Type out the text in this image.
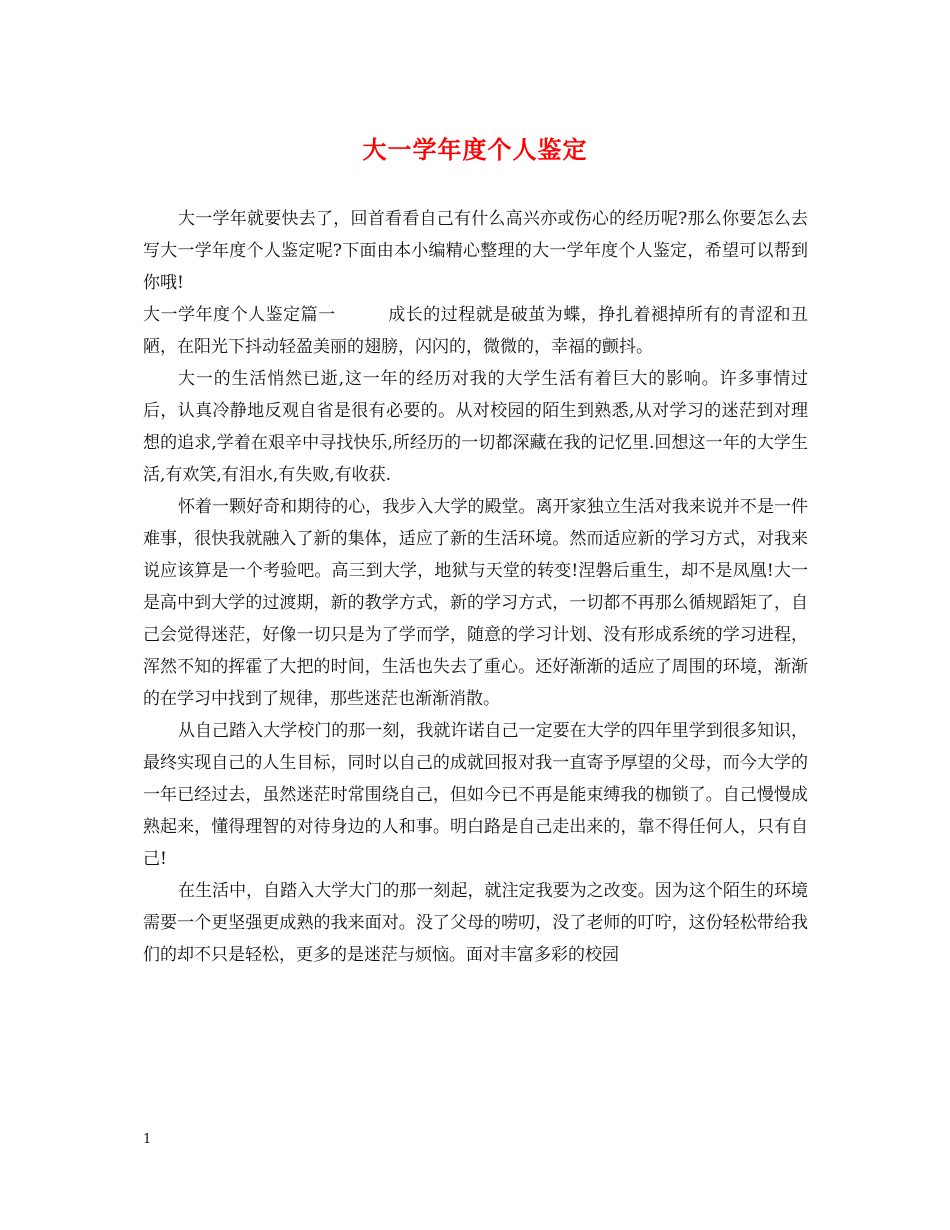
大一学年度个人鉴定

大一学年就要快去了，回首看看自己有什么高兴亦或伤心的经历呢?那么你要怎么去写大一学年度个人鉴定呢?下面由本小编精心整理的大一学年度个人鉴定，希望可以帮到你哦!

大一学年度个人鉴定篇一　　　成长的过程就是破茧为蝶，挣扎着褪掉所有的青涩和丑陋，在阳光下抖动轻盈美丽的翅膀，闪闪的，微微的，幸福的颤抖。

大一的生活悄然已逝,这一年的经历对我的大学生活有着巨大的影响。许多事情过后，认真冷静地反观自省是很有必要的。从对校园的陌生到熟悉,从对学习的迷茫到对理想的追求,学着在艰辛中寻找快乐,所经历的一切都深藏在我的记忆里.回想这一年的大学生活,有欢笑,有泪水,有失败,有收获.

怀着一颗好奇和期待的心，我步入大学的殿堂。离开家独立生活对我来说并不是一件难事，很快我就融入了新的集体，适应了新的生活环境。然而适应新的学习方式，对我来说应该算是一个考验吧。高三到大学，地狱与天堂的转变!涅磐后重生，却不是凤凰!大一是高中到大学的过渡期，新的教学方式，新的学习方式，一切都不再那么循规蹈矩了，自己会觉得迷茫，好像一切只是为了学而学，随意的学习计划、没有形成系统的学习进程，浑然不知的挥霍了大把的时间，生活也失去了重心。还好渐渐的适应了周围的环境，渐渐的在学习中找到了规律，那些迷茫也渐渐消散。

从自己踏入大学校门的那一刻，我就许诺自己一定要在大学的四年里学到很多知识，最终实现自己的人生目标，同时以自己的成就回报对我一直寄予厚望的父母，而今大学的一年已经过去，虽然迷茫时常围绕自己，但如今已不再是能束缚我的枷锁了。自己慢慢成熟起来，懂得理智的对待身边的人和事。明白路是自己走出来的，靠不得任何人，只有自己!

在生活中，自踏入大学大门的那一刻起，就注定我要为之改变。因为这个陌生的环境需要一个更坚强更成熟的我来面对。没了父母的唠叨，没了老师的叮咛，这份轻松带给我们的却不只是轻松，更多的是迷茫与烦恼。面对丰富多彩的校园

1
